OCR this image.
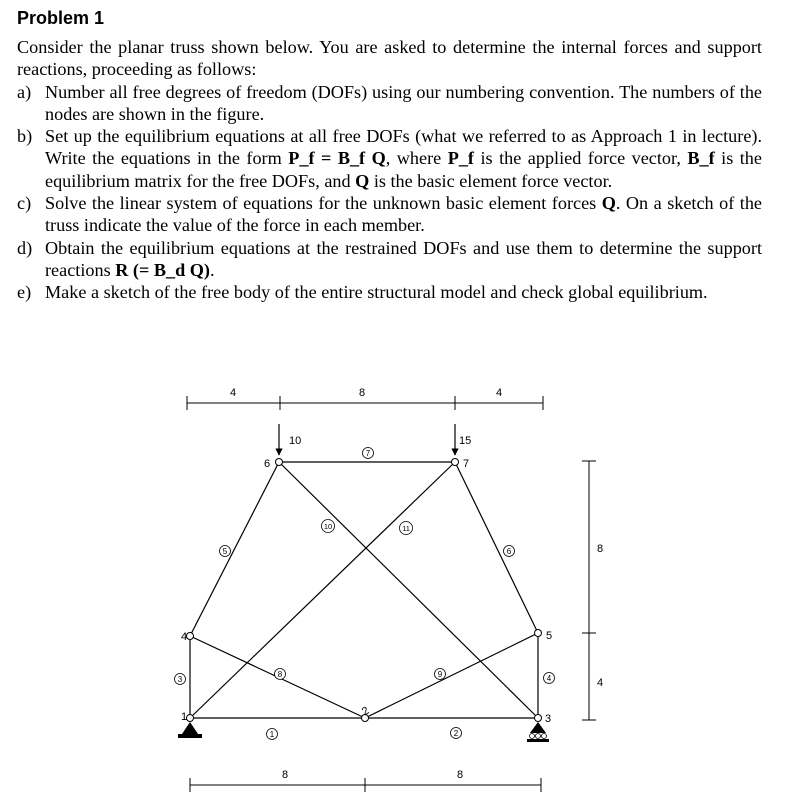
Problem 1

Consider the planar truss shown below. You are asked to determine the internal forces and support reactions, proceeding as follows:

a) Number all free degrees of freedom (DOFs) using our numbering convention. The numbers of the nodes are shown in the figure.
b) Set up the equilibrium equations at all free DOFs (what we referred to as Approach 1 in lecture). Write the equations in the form P_f = B_f Q, where P_f is the applied force vector, B_f is the equilibrium matrix for the free DOFs, and Q is the basic element force vector.
c) Solve the linear system of equations for the unknown basic element forces Q. On a sketch of the truss indicate the value of the force in each member.
d) Obtain the equilibrium equations at the restrained DOFs and use them to determine the support reactions R (= B_d Q).
e) Make a sketch of the free body of the entire structural model and check global equilibrium.
4	8	4
8	8
8
4
1	2
3
4	5
6	7
1	2
3	4
5	6
7
8	9
10	11
10	15
